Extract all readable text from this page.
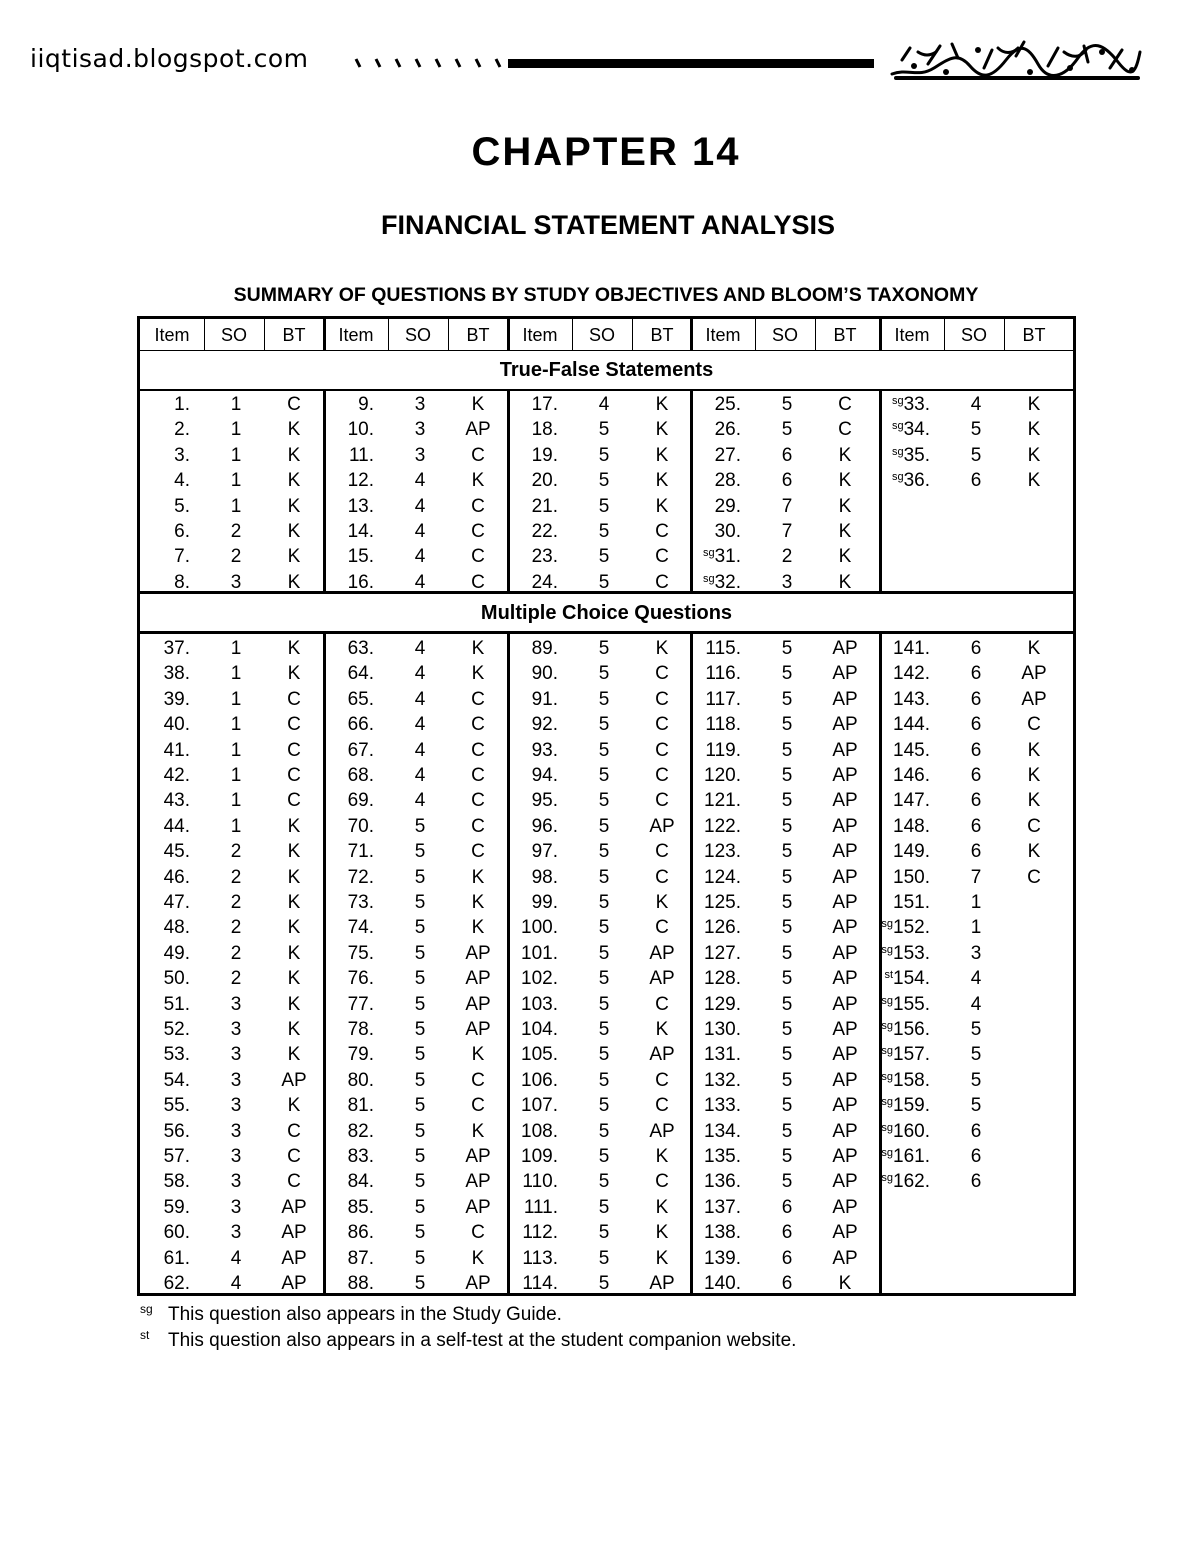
iiqtisad.blogspot.com
CHAPTER 14
FINANCIAL STATEMENT ANALYSIS
SUMMARY OF QUESTIONS BY STUDY OBJECTIVES AND BLOOM’S TAXONOMY
Item	SO	BT	Item	SO	BT	Item	SO	BT	Item	SO	BT	Item	SO	BT
True-False Statements
1.	1	C
2.	1	K
3.	1	K
4.	1	K
5.	1	K
6.	2	K
7.	2	K
8.	3	K
9.	3	K
10.	3	AP
11.	3	C
12.	4	K
13.	4	C
14.	4	C
15.	4	C
16.	4	C
17.	4	K
18.	5	K
19.	5	K
20.	5	K
21.	5	K
22.	5	C
23.	5	C
24.	5	C
25.	5	C
26.	5	C
27.	6	K
28.	6	K
29.	7	K
30.	7	K
$^{sg}$31.	2	K
$^{sg}$32.	3	K
$^{sg}$33.	4	K
$^{sg}$34.	5	K
$^{sg}$35.	5	K
$^{sg}$36.	6	K
Multiple Choice Questions
37.	1	K
38.	1	K
39.	1	C
40.	1	C
41.	1	C
42.	1	C
43.	1	C
44.	1	K
45.	2	K
46.	2	K
47.	2	K
48.	2	K
49.	2	K
50.	2	K
51.	3	K
52.	3	K
53.	3	K
54.	3	AP
55.	3	K
56.	3	C
57.	3	C
58.	3	C
59.	3	AP
60.	3	AP
61.	4	AP
62.	4	AP
63.	4	K
64.	4	K
65.	4	C
66.	4	C
67.	4	C
68.	4	C
69.	4	C
70.	5	C
71.	5	C
72.	5	K
73.	5	K
74.	5	K
75.	5	AP
76.	5	AP
77.	5	AP
78.	5	AP
79.	5	K
80.	5	C
81.	5	C
82.	5	K
83.	5	AP
84.	5	AP
85.	5	AP
86.	5	C
87.	5	K
88.	5	AP
89.	5	K
90.	5	C
91.	5	C
92.	5	C
93.	5	C
94.	5	C
95.	5	C
96.	5	AP
97.	5	C
98.	5	C
99.	5	K
100.	5	C
101.	5	AP
102.	5	AP
103.	5	C
104.	5	K
105.	5	AP
106.	5	C
107.	5	C
108.	5	AP
109.	5	K
110.	5	C
111.	5	K
112.	5	K
113.	5	K
114.	5	AP
115.	5	AP
116.	5	AP
117.	5	AP
118.	5	AP
119.	5	AP
120.	5	AP
121.	5	AP
122.	5	AP
123.	5	AP
124.	5	AP
125.	5	AP
126.	5	AP
127.	5	AP
128.	5	AP
129.	5	AP
130.	5	AP
131.	5	AP
132.	5	AP
133.	5	AP
134.	5	AP
135.	5	AP
136.	5	AP
137.	6	AP
138.	6	AP
139.	6	AP
140.	6	K
141.	6	K
142.	6	AP
143.	6	AP
144.	6	C
145.	6	K
146.	6	K
147.	6	K
148.	6	C
149.	6	K
150.	7	C
151.	1
$^{sg}$152.	1
$^{sg}$153.	3
$^{st}$154.	4
$^{sg}$155.	4
$^{sg}$156.	5
$^{sg}$157.	5
$^{sg}$158.	5
$^{sg}$159.	5
$^{sg}$160.	6
$^{sg}$161.	6
$^{sg}$162.	6
sg This question also appears in the Study Guide.
st This question also appears in a self-test at the student companion website.
